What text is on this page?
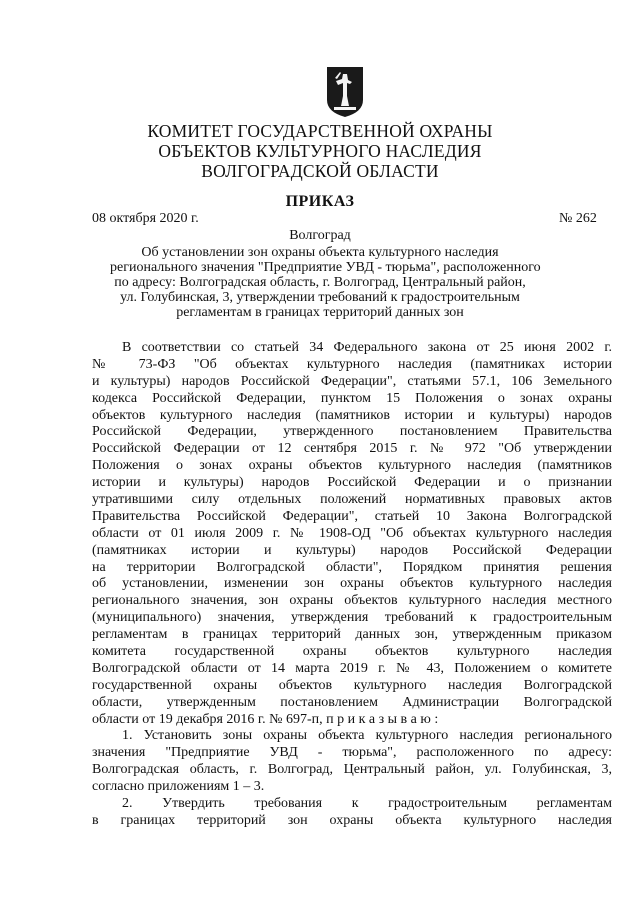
КОМИТЕТ ГОСУДАРСТВЕННОЙ ОХРАНЫ
ОБЪЕКТОВ КУЛЬТУРНОГО НАСЛЕДИЯ
ВОЛГОГРАДСКОЙ ОБЛАСТИ
ПРИКАЗ
08 октября 2020 г.	№ 262
Волгоград
Об установлении зон охраны объекта культурного наследия
регионального значения "Предприятие УВД - тюрьма", расположенного
по адресу: Волгоградская область, г. Волгоград, Центральный район,
ул. Голубинская, 3, утверждении требований к градостроительным
регламентам в границах территорий данных зон
В соответствии со статьей 34 Федерального закона от 25 июня 2002 г.
№ 73-ФЗ "Об объектах культурного наследия (памятниках истории
и культуры) народов Российской Федерации", статьями 57.1, 106 Земельного
кодекса Российской Федерации, пунктом 15 Положения о зонах охраны
объектов культурного наследия (памятников истории и культуры) народов
Российской Федерации, утвержденного постановлением Правительства
Российской Федерации от 12 сентября 2015 г. № 972 "Об утверждении
Положения о зонах охраны объектов культурного наследия (памятников
истории и культуры) народов Российской Федерации и о признании
утратившими силу отдельных положений нормативных правовых актов
Правительства Российской Федерации", статьей 10 Закона Волгоградской
области от 01 июля 2009 г. № 1908-ОД "Об объектах культурного наследия
(памятниках истории и культуры) народов Российской Федерации
на территории Волгоградской области", Порядком принятия решения
об установлении, изменении зон охраны объектов культурного наследия
регионального значения, зон охраны объектов культурного наследия местного
(муниципального) значения, утверждения требований к градостроительным
регламентам в границах территорий данных зон, утвержденным приказом
комитета государственной охраны объектов культурного наследия
Волгоградской области от 14 марта 2019 г. № 43, Положением о комитете
государственной охраны объектов культурного наследия Волгоградской
области, утвержденным постановлением Администрации Волгоградской
области от 19 декабря 2016 г. № 697-п, п р и к а з ы в а ю :
1. Установить зоны охраны объекта культурного наследия регионального
значения "Предприятие УВД - тюрьма", расположенного по адресу:
Волгоградская область, г. Волгоград, Центральный район, ул. Голубинская, 3,
согласно приложениям 1 – 3.
2. Утвердить требования к градостроительным регламентам
в границах территорий зон охраны объекта культурного наследия
